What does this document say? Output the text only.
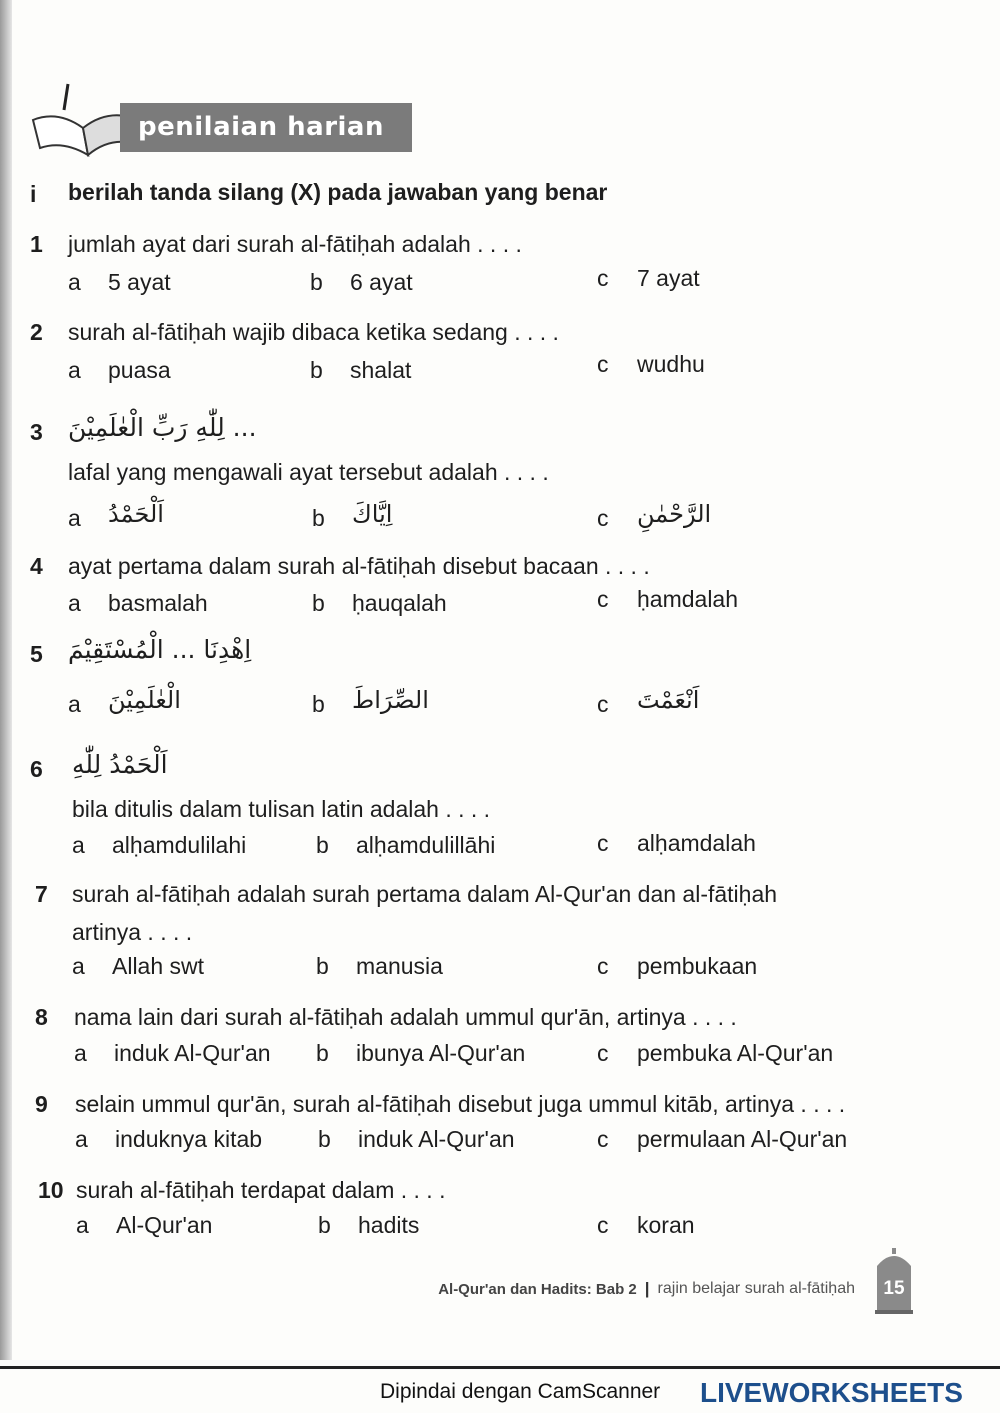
penilaian harian
i berilah tanda silang (X) pada jawaban yang benar
1 jumlah ayat dari surah al-fātiḥah adalah . . . .
a 5 ayat	b 6 ayat	c 7 ayat
2 surah al-fātiḥah wajib dibaca ketika sedang . . . .
a puasa	b shalat	c wudhu
3 ... لِلّٰهِ رَبِّ الْعٰلَمِيْنَ
lafal yang mengawali ayat tersebut adalah . . . .
a اَلْحَمْدُ	b اِيَّاكَ	c الرَّحْمٰنِ
4 ayat pertama dalam surah al-fātiḥah disebut bacaan . . . .
a basmalah	b ḥauqalah	c ḥamdalah
5 اِهْدِنَا ... الْمُسْتَقِيْمَ
a الْعٰلَمِيْنَ	b الصِّرَاطَ	c اَنْعَمْتَ
6 اَلْحَمْدُ لِلّٰهِ
bila ditulis dalam tulisan latin adalah . . . .
a alḥamdulilahi	b alḥamdulillāhi	c alḥamdalah
7 surah al-fātiḥah adalah surah pertama dalam Al-Qur'an dan al-fātiḥah
artinya . . . .
a Allah swt	b manusia	c pembukaan
8 nama lain dari surah al-fātiḥah adalah ummul qur'ān, artinya . . . .
a induk Al-Qur'an b ibunya Al-Qur'an	c pembuka Al-Qur'an
9 selain ummul qur'ān, surah al-fātiḥah disebut juga ummul kitāb, artinya . . . .
a induknya kitab b induk Al-Qur'an	c permulaan Al-Qur'an
10 surah al-fātiḥah terdapat dalam . . . .
a Al-Qur'an	b hadits	c koran
Al-Qur'an dan Hadits: Bab 2 | rajin belajar surah al-fātiḥah	15
Dipindai dengan CamScanner LIVEWORKSHEETS
